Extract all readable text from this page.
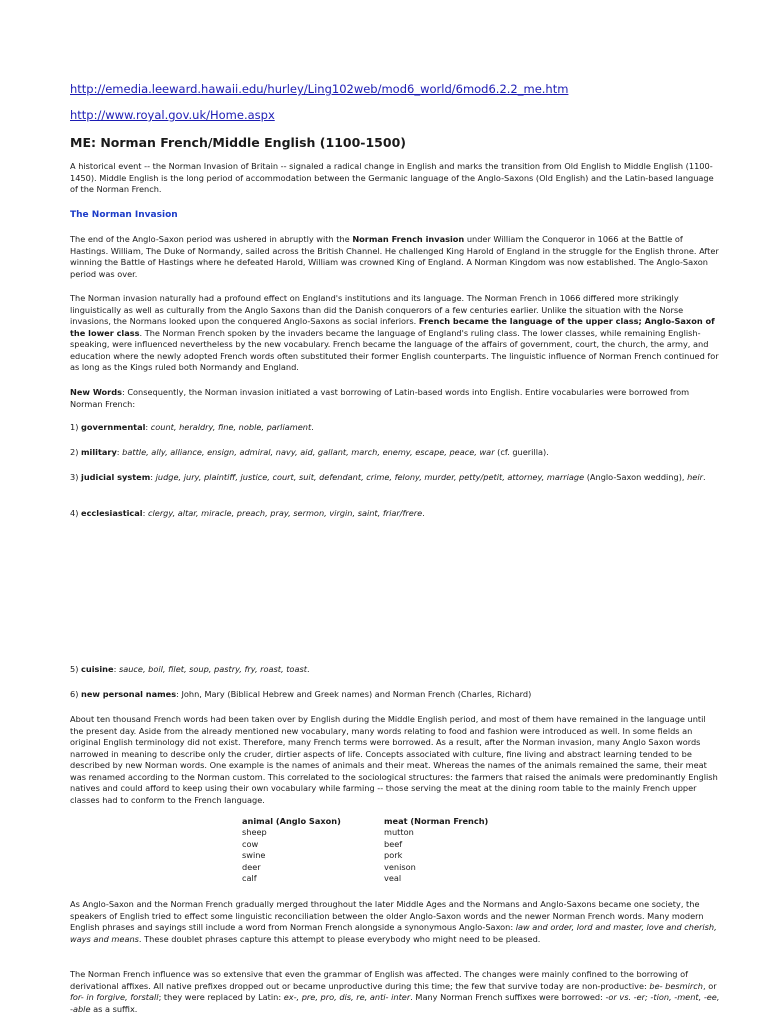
http://emedia.leeward.hawaii.edu/hurley/Ling102web/mod6_world/6mod6.2.2_me.htm
http://www.royal.gov.uk/Home.aspx
ME: Norman French/Middle English (1100-1500)

A historical event -- the Norman Invasion of Britain -- signaled a radical change in English and marks the transition from Old English to Middle English (1100-1450). Middle English is the long period of accommodation between the Germanic language of the Anglo-Saxons (Old English) and the Latin-based language of the Norman French.

The Norman Invasion

The end of the Anglo-Saxon period was ushered in abruptly with the Norman French invasion under William the Conqueror in 1066 at the Battle of Hastings. William, The Duke of Normandy, sailed across the British Channel. He challenged King Harold of England in the struggle for the English throne. After winning the Battle of Hastings where he defeated Harold, William was crowned King of England. A Norman Kingdom was now established. The Anglo-Saxon period was over.

The Norman invasion naturally had a profound effect on England's institutions and its language. The Norman French in 1066 differed more strikingly linguistically as well as culturally from the Anglo Saxons than did the Danish conquerors of a few centuries earlier. Unlike the situation with the Norse invasions, the Normans looked upon the conquered Anglo-Saxons as social inferiors. French became the language of the upper class; Anglo-Saxon of the lower class. The Norman French spoken by the invaders became the language of England's ruling class. The lower classes, while remaining English-speaking, were influenced nevertheless by the new vocabulary. French became the language of the affairs of government, court, the church, the army, and education where the newly adopted French words often substituted their former English counterparts. The linguistic influence of Norman French continued for as long as the Kings ruled both Normandy and England.

New Words: Consequently, the Norman invasion initiated a vast borrowing of Latin-based words into English. Entire vocabularies were borrowed from Norman French:

1) governmental: count, heraldry, fine, noble, parliament.

2) military: battle, ally, alliance, ensign, admiral, navy, aid, gallant, march, enemy, escape, peace, war (cf. guerilla).

3) judicial system: judge, jury, plaintiff, justice, court, suit, defendant, crime, felony, murder, petty/petit, attorney, marriage (Anglo-Saxon wedding), heir.

4) ecclesiastical: clergy, altar, miracle, preach, pray, sermon, virgin, saint, friar/frere.

5) cuisine: sauce, boil, filet, soup, pastry, fry, roast, toast.

6) new personal names: John, Mary (Biblical Hebrew and Greek names) and Norman French (Charles, Richard)

About ten thousand French words had been taken over by English during the Middle English period, and most of them have remained in the language until the present day. Aside from the already mentioned new vocabulary, many words relating to food and fashion were introduced as well. In some fields an original English terminology did not exist. Therefore, many French terms were borrowed. As a result, after the Norman invasion, many Anglo Saxon words narrowed in meaning to describe only the cruder, dirtier aspects of life. Concepts associated with culture, fine living and abstract learning tended to be described by new Norman words. One example is the names of animals and their meat. Whereas the names of the animals remained the same, their meat was renamed according to the Norman custom. This correlated to the sociological structures: the farmers that raised the animals were predominantly English natives and could afford to keep using their own vocabulary while farming -- those serving the meat at the dining room table to the mainly French upper classes had to conform to the French language.

animal (Anglo Saxon)	meat (Norman French)
sheep	mutton
cow	beef
swine	pork
deer	venison
calf	veal

As Anglo-Saxon and the Norman French gradually merged throughout the later Middle Ages and the Normans and Anglo-Saxons became one society, the speakers of English tried to effect some linguistic reconciliation between the older Anglo-Saxon words and the newer Norman French words. Many modern English phrases and sayings still include a word from Norman French alongside a synonymous Anglo-Saxon: law and order, lord and master, love and cherish, ways and means. These doublet phrases capture this attempt to please everybody who might need to be pleased.

The Norman French influence was so extensive that even the grammar of English was affected. The changes were mainly confined to the borrowing of derivational affixes. All native prefixes dropped out or became unproductive during this time; the few that survive today are non-productive: be- besmirch, or for- in forgive, forstall; they were replaced by Latin: ex-, pre, pro, dis, re, anti- inter. Many Norman French suffixes were borrowed: -or vs. -er; -tion, -ment, -ee, -able as a suffix.
